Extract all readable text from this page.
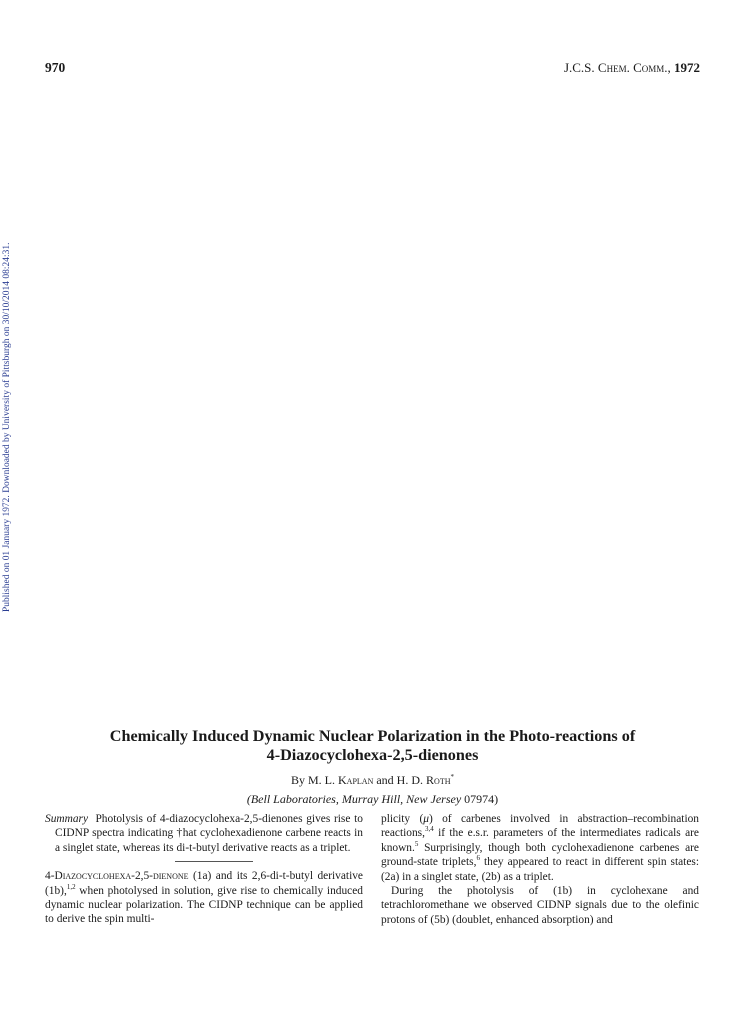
970	J.C.S. Chem. Comm., 1972
Published on 01 January 1972. Downloaded by University of Pittsburgh on 30/10/2014 08:24:31.
Chemically Induced Dynamic Nuclear Polarization in the Photo-reactions of
4-Diazocyclohexa-2,5-dienones
By M. L. Kaplan and H. D. Roth*
(Bell Laboratories, Murray Hill, New Jersey 07974)

Summary Photolysis of 4-diazocyclohexa-2,5-dienones gives rise to CIDNP spectra indicating †hat cyclohexadienone carbene reacts in a singlet state, whereas its di-t-butyl derivative reacts as a triplet.

4-Diazocyclohexa-2,5-dienone (1a) and its 2,6-di-t-butyl derivative (1b),$^{1,2}$ when photolysed in solution, give rise to chemically induced dynamic nuclear polarization. The CIDNP technique can be applied to derive the spin multi-

plicity (μ) of carbenes involved in abstraction–recombination reactions,$^{3,4}$ if the e.s.r. parameters of the intermediates radicals are known.$^5$ Surprisingly, though both cyclohexadienone carbenes are ground-state triplets,$^6$ they appeared to react in different spin states: (2a) in a singlet state, (2b) as a triplet.

During the photolysis of (1b) in cyclohexane and tetrachloromethane we observed CIDNP signals due to the olefinic protons of (5b) (doublet, enhanced absorption) and
